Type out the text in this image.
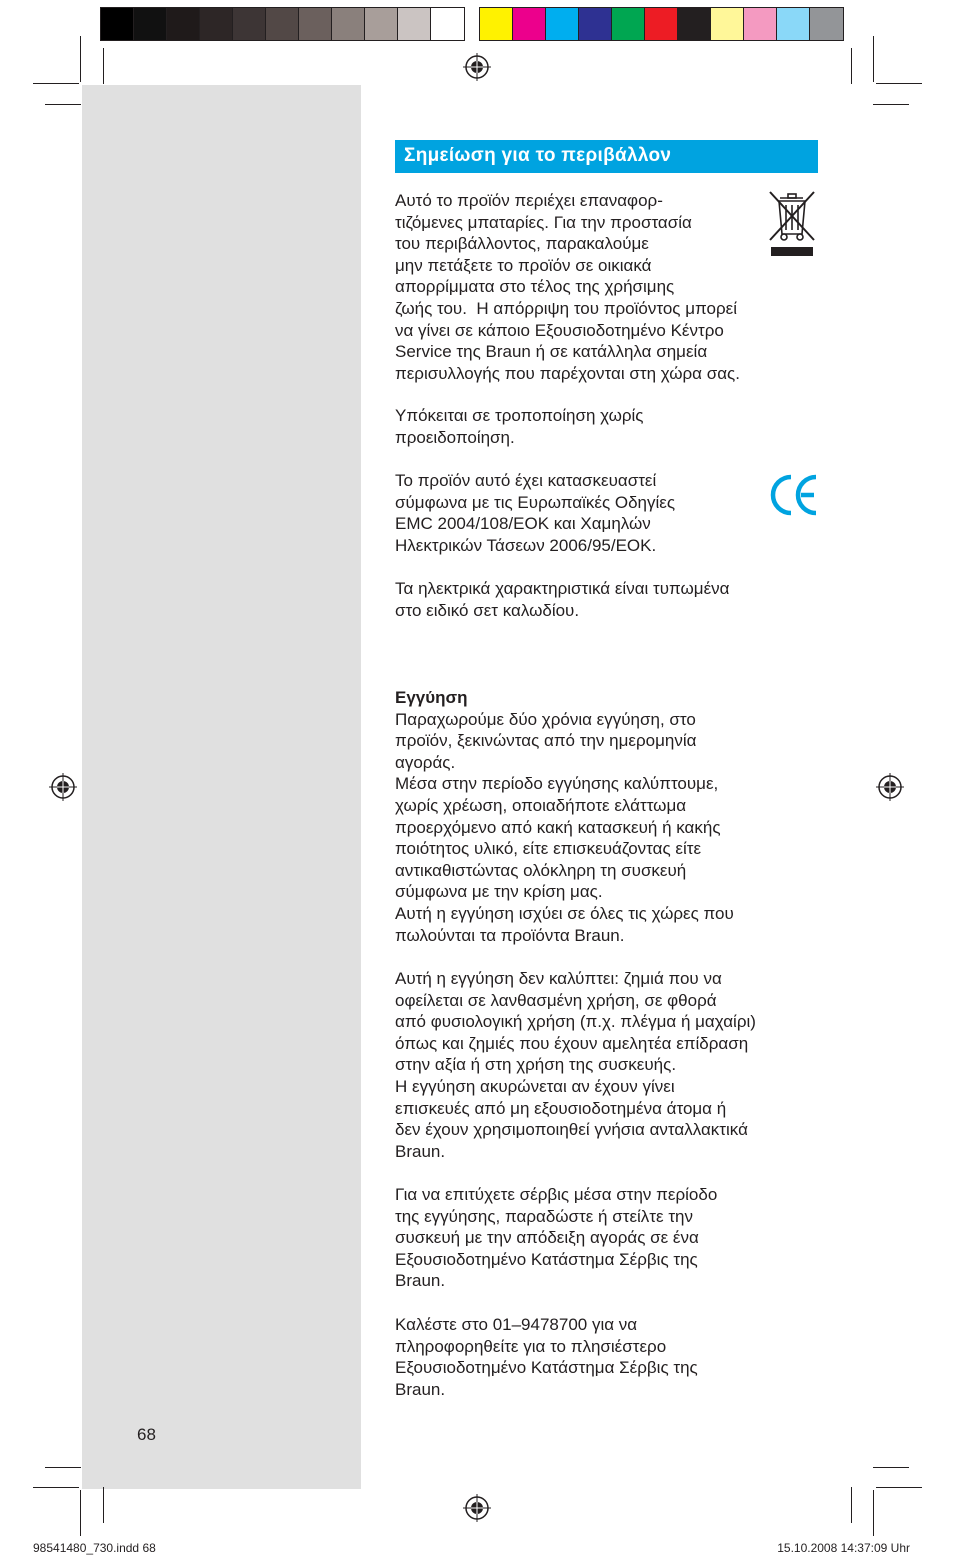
Σημείωση για το περιβάλλον
Αυτό το προϊόν περιέχει επαναφορ-
τιζόμενες μπαταρίες. Για την προστασία
του περιβάλλοντος, παρακαλούμε
μην πετάξετε το προϊόν σε οικιακά
απορρίμματα στο τέλος της χρήσιμης
ζωής του.  Η απόρριψη του προϊόντος μπορεί
να γίνει σε κάποιο Εξουσιοδοτημένο Κέντρο
Service της Braun ή σε κατάλληλα σημεία
περισυλλογής που παρέχονται στη χώρα σας.
Υπόκειται σε τροποποίηση χωρίς
προειδοποίηση.
Το προϊόν αυτό έχει κατασκευαστεί
σύμφωνα με τις Ευρωπαϊκές Οδηγίες
EMC 2004/108/EOK και Χαμηλών
Ηλεκτρικών Τάσεων 2006/95/EOK.
Τα ηλεκτρικά χαρακτηριστικά είναι τυπωμένα
στο ειδικό σετ καλωδίου.
Εγγύηση
Παραχωρούμε δύο χρόνια εγγύηση, στο
προϊόν, ξεκινώντας από την ημερομηνία
αγοράς.
Μέσα στην περίοδο εγγύησης καλύπτουμε,
χωρίς χρέωση, οποιαδήποτε ελάττωμα
προερχόμενο από κακή κατασκευή ή κακής
ποιότητος υλικό, είτε επισκευάζοντας είτε
αντικαθιστώντας ολόκληρη τη συσκευή
σύμφωνα με την κρίση μας.
Αυτή η εγγύηση ισχύει σε όλες τις χώρες που
πωλούνται τα προϊόντα Braun.
Αυτή η εγγύηση δεν καλύπτει: ζημιά που να
οφείλεται σε λανθασμένη χρήση, σε φθορά
από φυσιολογική χρήση (π.χ. πλέγμα ή μαχαίρι)
όπως και ζημιές που έχουν αμελητέα επίδραση
στην αξία ή στη χρήση της συσκευής.
Η εγγύηση ακυρώνεται αν έχουν γίνει
επισκευές από μη εξουσιοδοτημένα άτομα ή
δεν έχουν χρησιμοποιηθεί γνήσια ανταλλακτικά
Braun.
Για να επιτύχετε σέρβις μέσα στην περίοδο
της εγγύησης, παραδώστε ή στείλτε την
συσκευή με την απόδειξη αγοράς σε ένα
Εξουσιοδοτημένο Κατάστημα Σέρβις της
Braun.
Καλέστε στο 01–9478700 για να
πληροφορηθείτε για το πλησιέστερο
Εξουσιοδοτημένο Κατάστημα Σέρβις της
Braun.
68
98541480_730.indd 68	15.10.2008 14:37:09 Uhr
